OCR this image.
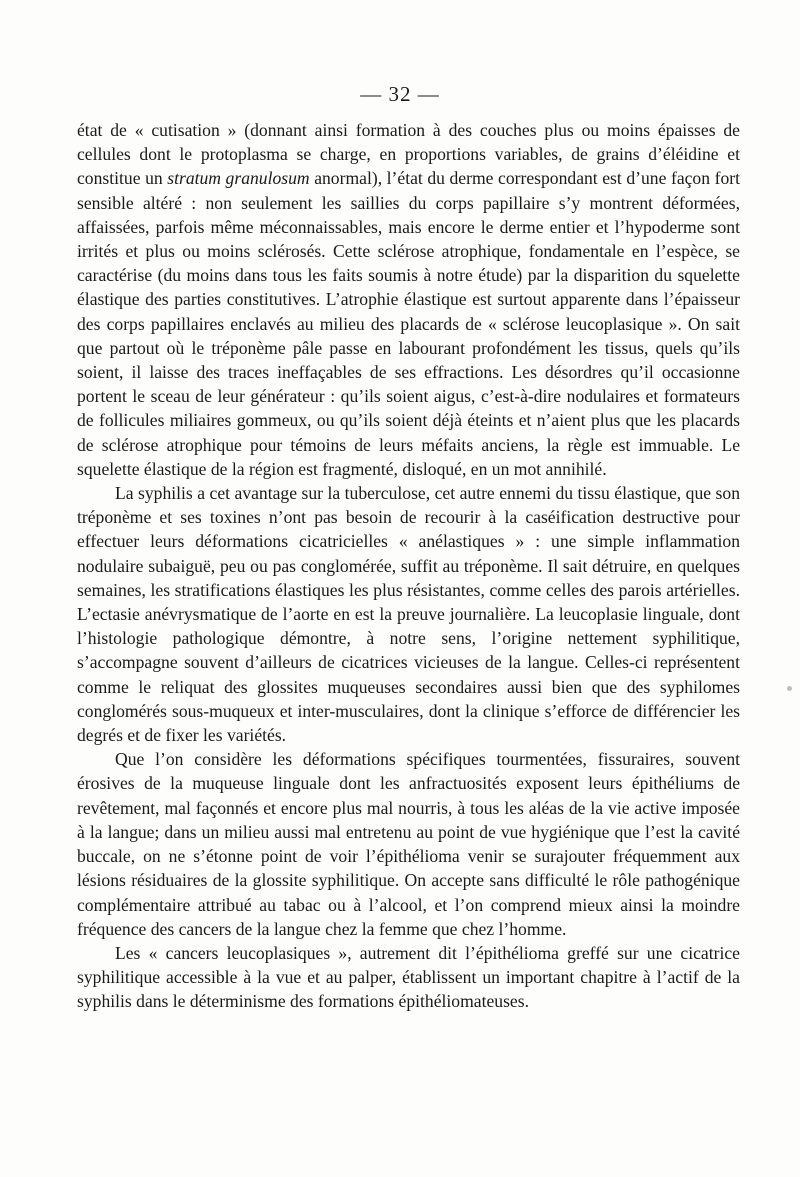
— 32 —

état de « cutisation » (donnant ainsi formation à des couches plus ou moins épaisses de cellules dont le protoplasma se charge, en proportions variables, de grains d’éléidine et constitue un stratum granulosum anormal), l’état du derme correspondant est d’une façon fort sensible altéré : non seulement les saillies du corps papillaire s’y montrent déformées, affaissées, parfois même méconnaissables, mais encore le derme entier et l’hypoderme sont irrités et plus ou moins sclérosés. Cette sclérose atrophique, fondamentale en l’espèce, se caractérise (du moins dans tous les faits soumis à notre étude) par la disparition du squelette élastique des parties constitutives. L’atrophie élastique est surtout apparente dans l’épaisseur des corps papillaires enclavés au milieu des placards de « sclérose leucoplasique ». On sait que partout où le tréponème pâle passe en labourant profondément les tissus, quels qu’ils soient, il laisse des traces ineffaçables de ses effractions. Les désordres qu’il occasionne portent le sceau de leur générateur : qu’ils soient aigus, c’est-à-dire nodulaires et formateurs de follicules miliaires gommeux, ou qu’ils soient déjà éteints et n’aient plus que les placards de sclérose atrophique pour témoins de leurs méfaits anciens, la règle est immuable. Le squelette élastique de la région est fragmenté, disloqué, en un mot annihilé.

La syphilis a cet avantage sur la tuberculose, cet autre ennemi du tissu élastique, que son tréponème et ses toxines n’ont pas besoin de recourir à la caséification destructive pour effectuer leurs déformations cicatricielles « anélastiques » : une simple inflammation nodulaire subaiguë, peu ou pas conglomérée, suffit au tréponème. Il sait détruire, en quelques semaines, les stratifications élastiques les plus résistantes, comme celles des parois artérielles. L’ectasie anévrysmatique de l’aorte en est la preuve journalière. La leucoplasie linguale, dont l’histologie pathologique démontre, à notre sens, l’origine nettement syphilitique, s’accompagne souvent d’ailleurs de cicatrices vicieuses de la langue. Celles-ci représentent comme le reliquat des glossites muqueuses secondaires aussi bien que des syphilomes conglomérés sous-muqueux et inter-musculaires, dont la clinique s’efforce de différencier les degrés et de fixer les variétés.

Que l’on considère les déformations spécifiques tourmentées, fissuraires, souvent érosives de la muqueuse linguale dont les anfractuosités exposent leurs épithéliums de revêtement, mal façonnés et encore plus mal nourris, à tous les aléas de la vie active imposée à la langue; dans un milieu aussi mal entretenu au point de vue hygiénique que l’est la cavité buccale, on ne s’étonne point de voir l’épithélioma venir se surajouter fréquemment aux lésions résiduaires de la glossite syphilitique. On accepte sans difficulté le rôle pathogénique complémentaire attribué au tabac ou à l’alcool, et l’on comprend mieux ainsi la moindre fréquence des cancers de la langue chez la femme que chez l’homme.

Les « cancers leucoplasiques », autrement dit l’épithélioma greffé sur une cicatrice syphilitique accessible à la vue et au palper, établissent un important chapitre à l’actif de la syphilis dans le déterminisme des formations épithéliomateuses.
